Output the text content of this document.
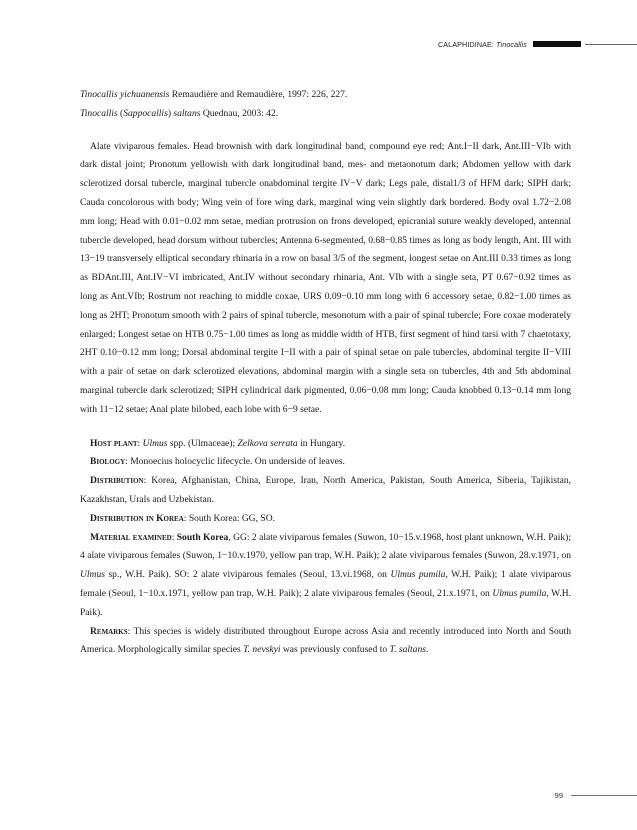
CALAPHIDINAE: Tinocallis

Tinocallis yichuanensis Remaudière and Remaudière, 1997: 226, 227.

Tinocallis (Sappocallis) saltans Quednau, 2003: 42.

Alate viviparous females. Head brownish with dark longitudinal band, compound eye red; Ant.I−II dark, Ant.III−VIb with dark distal joint; Pronotum yellowish with dark longitudinal band, mes- and metaonotum dark; Abdomen yellow with dark sclerotized dorsal tubercle, marginal tubercle onabdominal tergite IV−V dark; Legs pale, distal1/3 of HFM dark; SIPH dark; Cauda concolorous with body; Wing vein of fore wing dark, marginal wing vein slightly dark bordered. Body oval 1.72−2.08 mm long; Head with 0.01−0.02 mm setae, median protrusion on frons developed, epicranial suture weakly developed, antennal tubercle developed, head dorsum without tubercles; Antenna 6-segmented, 0.68−0.85 times as long as body length, Ant. III with 13−19 transversely elliptical secondary rhinaria in a row on basal 3/5 of the segment, longest setae on Ant.III 0.33 times as long as BDAnt.III, Ant.IV−VI imbricated, Ant.IV without secondary rhinaria, Ant. VIb with a single seta, PT 0.67−0.92 times as long as Ant.VIb; Rostrum not reaching to middle coxae, URS 0.09−0.10 mm long with 6 accessory setae, 0.82−1.00 times as long as 2HT; Pronotum smooth with 2 pairs of spinal tubercle, mesonotum with a pair of spinal tubercle; Fore coxae moderately enlarged; Longest setae on HTB 0.75−1.00 times as long as middle width of HTB, first segment of hind tarsi with 7 chaetotaxy, 2HT 0.10−0.12 mm long; Dorsal abdominal tergite I−II with a pair of spinal setae on pale tubercles, abdominal tergite II−VIII with a pair of setae on dark sclerotized elevations, abdominal margin with a single seta on tubercles, 4th and 5th abdominal marginal tubercle dark sclerotized; SIPH cylindrical dark pigmented, 0.06−0.08 mm long; Cauda knobbed 0.13−0.14 mm long with 11−12 setae; Anal plate bilobed, each lobe with 6−9 setae.

Host plant: Ulmus spp. (Ulmaceae); Zelkova serrata in Hungary.

Biology: Monoecius holocyclic lifecycle. On underside of leaves.

Distribution: Korea, Afghanistan, China, Europe, Iran, North America, Pakistan, South America, Siberia, Tajikistan, Kazakhstan, Urals and Uzbekistan.

Distribution in Korea: South Korea: GG, SO.

Material examined: South Korea, GG: 2 alate viviparous females (Suwon, 10−15.v.1968, host plant unknown, W.H. Paik); 4 alate viviparous females (Suwon, 1−10.v.1970, yellow pan trap, W.H. Paik); 2 alate viviparous females (Suwon, 28.v.1971, on Ulmus sp., W.H. Paik). SO: 2 alate viviparous females (Seoul, 13.vi.1968, on Ulmus pumila, W.H. Paik); 1 alate viviparous female (Seoul, 1−10.x.1971, yellow pan trap, W.H. Paik); 2 alate viviparous females (Seoul, 21.x.1971, on Ulmus pumila, W.H. Paik).

Remarks: This species is widely distributed throughout Europe across Asia and recently introduced into North and South America. Morphologically similar species T. nevskyi was previously confused to T. saltans.

99
